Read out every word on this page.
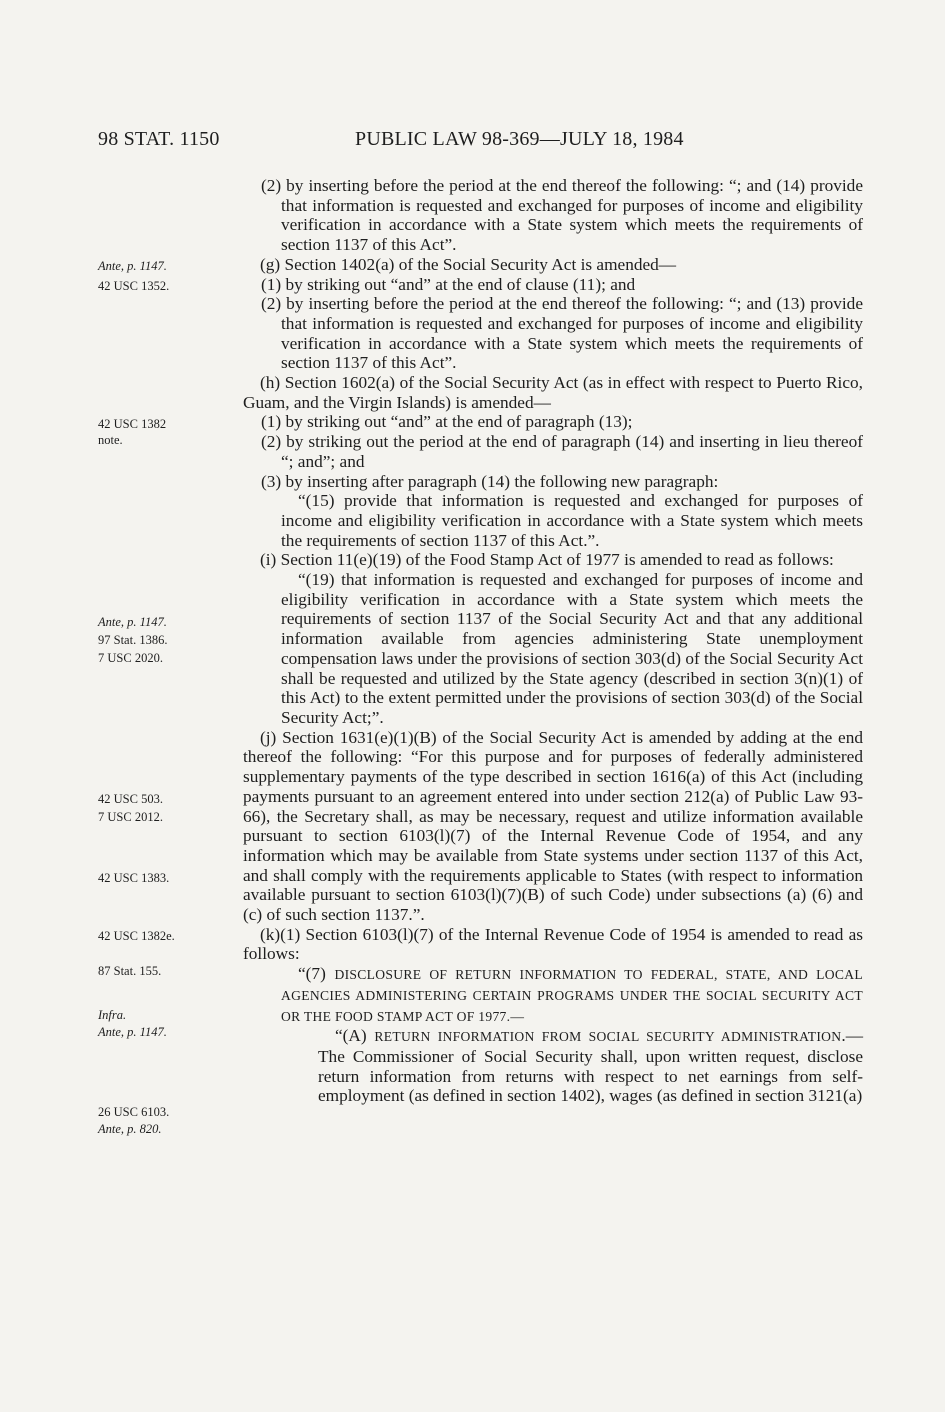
98 STAT. 1150	PUBLIC LAW 98-369—JULY 18, 1984
Ante, p. 1147.
42 USC 1352.
42 USC 1382
note.
Ante, p. 1147.
97 Stat. 1386.
7 USC 2020.
42 USC 503.
7 USC 2012.
42 USC 1383.
42 USC 1382e.
87 Stat. 155.
Infra.
Ante, p. 1147.
26 USC 6103.
Ante, p. 820.

(2) by inserting before the period at the end thereof the following: “; and (14) provide that information is requested and exchanged for purposes of income and eligibility verification in accordance with a State system which meets the requirements of section 1137 of this Act”.

(g) Section 1402(a) of the Social Security Act is amended—

(1) by striking out “and” at the end of clause (11); and

(2) by inserting before the period at the end thereof the following: “; and (13) provide that information is requested and exchanged for purposes of income and eligibility verification in accordance with a State system which meets the requirements of section 1137 of this Act”.

(h) Section 1602(a) of the Social Security Act (as in effect with respect to Puerto Rico, Guam, and the Virgin Islands) is amended—

(1) by striking out “and” at the end of paragraph (13);

(2) by striking out the period at the end of paragraph (14) and inserting in lieu thereof “; and”; and

(3) by inserting after paragraph (14) the following new paragraph:

“(15) provide that information is requested and exchanged for purposes of income and eligibility verification in accordance with a State system which meets the requirements of section 1137 of this Act.”.

(i) Section 11(e)(19) of the Food Stamp Act of 1977 is amended to read as follows:

“(19) that information is requested and exchanged for purposes of income and eligibility verification in accordance with a State system which meets the requirements of section 1137 of the Social Security Act and that any additional information available from agencies administering State unemployment compensation laws under the provisions of section 303(d) of the Social Security Act shall be requested and utilized by the State agency (described in section 3(n)(1) of this Act) to the extent permitted under the provisions of section 303(d) of the Social Security Act;”.

(j) Section 1631(e)(1)(B) of the Social Security Act is amended by adding at the end thereof the following: “For this purpose and for purposes of federally administered supplementary payments of the type described in section 1616(a) of this Act (including payments pursuant to an agreement entered into under section 212(a) of Public Law 93-66), the Secretary shall, as may be necessary, request and utilize information available pursuant to section 6103(l)(7) of the Internal Revenue Code of 1954, and any information which may be available from State systems under section 1137 of this Act, and shall comply with the requirements applicable to States (with respect to information available pursuant to section 6103(l)(7)(B) of such Code) under subsections (a) (6) and (c) of such section 1137.”.

(k)(1) Section 6103(l)(7) of the Internal Revenue Code of 1954 is amended to read as follows:

“(7) DISCLOSURE OF RETURN INFORMATION TO FEDERAL, STATE, AND LOCAL AGENCIES ADMINISTERING CERTAIN PROGRAMS UNDER THE SOCIAL SECURITY ACT OR THE FOOD STAMP ACT OF 1977.—

“(A) RETURN INFORMATION FROM SOCIAL SECURITY ADMINISTRATION.—The Commissioner of Social Security shall, upon written request, disclose return information from returns with respect to net earnings from self-employment (as defined in section 1402), wages (as defined in section 3121(a)
